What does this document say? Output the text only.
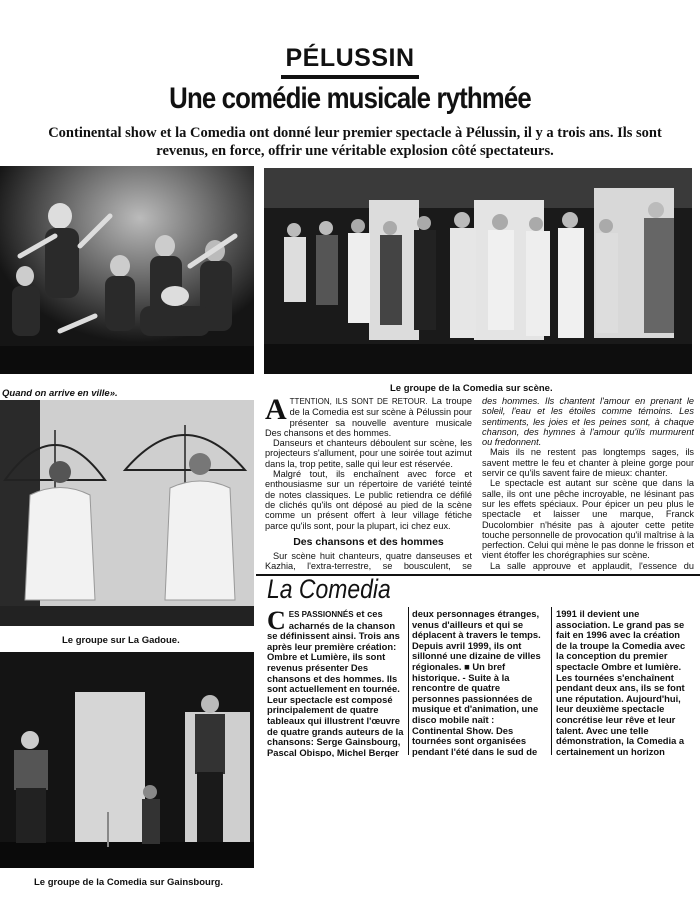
PÉLUSSIN
Une comédie musicale rythmée
Continental show et la Comedia ont donné leur premier spectacle à Pélussin, il y a trois ans. Ils sont revenus, en force, offrir une véritable explosion côté spectateurs.
Quand on arrive en ville».	Le groupe de la Comedia sur scène.
Le groupe sur La Gadoue.
Le groupe de la Comedia sur Gainsbourg.

ATTENTION, ILS SONT DE RETOUR. La troupe de la Comedia est sur scène à Pélussin pour présenter sa nouvelle aventure musicale Des chansons et des hommes.

Danseurs et chanteurs déboulent sur scène, les projecteurs s'allument, pour une soirée tout azimut dans la, trop petite, salle qui leur est réservée.

Malgré tout, ils enchaînent avec force et enthousiasme sur un répertoire de variété teinté de notes classiques. Le public retiendra ce défilé de clichés qu'ils ont déposé au pied de la scène comme un présent offert à leur village fétiche parce qu'ils sont, pour la plupart, ici chez eux.

Des chansons et des hommes

Sur scène huit chanteurs, quatre danseuses et Kazhia, l'extra-terrestre, se bousculent, se

des hommes. Ils chantent l'amour en prenant le soleil, l'eau et les étoiles comme témoins. Les sentiments, les joies et les peines sont, à chaque chanson, des hymnes à l'amour qu'ils murmurent ou fredonnent.

Mais ils ne restent pas longtemps sages, ils savent mettre le feu et chanter à pleine gorge pour servir ce qu'ils savent faire de mieux: chanter.

Le spectacle est autant sur scène que dans la salle, ils ont une pêche incroyable, ne lésinant pas sur les effets spéciaux. Pour épicer un peu plus le spectacle et laisser une marque, Franck Ducolombier n'hésite pas à ajouter cette petite touche personnelle de provocation qu'il maîtrise à la perfection. Celui qui mène le pas donne le frisson et vient étoffer les chorégraphies sur scène.

La salle approuve et applaudit, l'essence du

La Comedia

CES PASSIONNÉS et ces acharnés de la chanson se définissent ainsi. Trois ans après leur première création: Ombre et Lumière, ils sont revenus présenter Des chansons et des hommes. Ils sont actuellement en tournée. Leur spectacle est composé principalement de quatre tableaux qui illustrent l'œuvre de quatre grands auteurs de la chansons: Serge Gainsbourg, Pascal Obispo, Michel Berger

deux personnages étranges, venus d'ailleurs et qui se déplacent à travers le temps. Depuis avril 1999, ils ont sillonné une dizaine de villes régionales. ■ Un bref historique. - Suite à la rencontre de quatre personnes passionnées de musique et d'animation, une disco mobile naît : Continental Show. Des tournées sont organisées pendant l'été dans le sud de

1991 il devient une association. Le grand pas se fait en 1996 avec la création de la troupe la Comedia avec la conception du premier spectacle Ombre et lumière. Les tournées s'enchaînent pendant deux ans, ils se font une réputation. Aujourd'hui, leur deuxième spectacle concrétise leur rêve et leur talent. Avec une telle démonstration, la Comedia a certainement un horizon
